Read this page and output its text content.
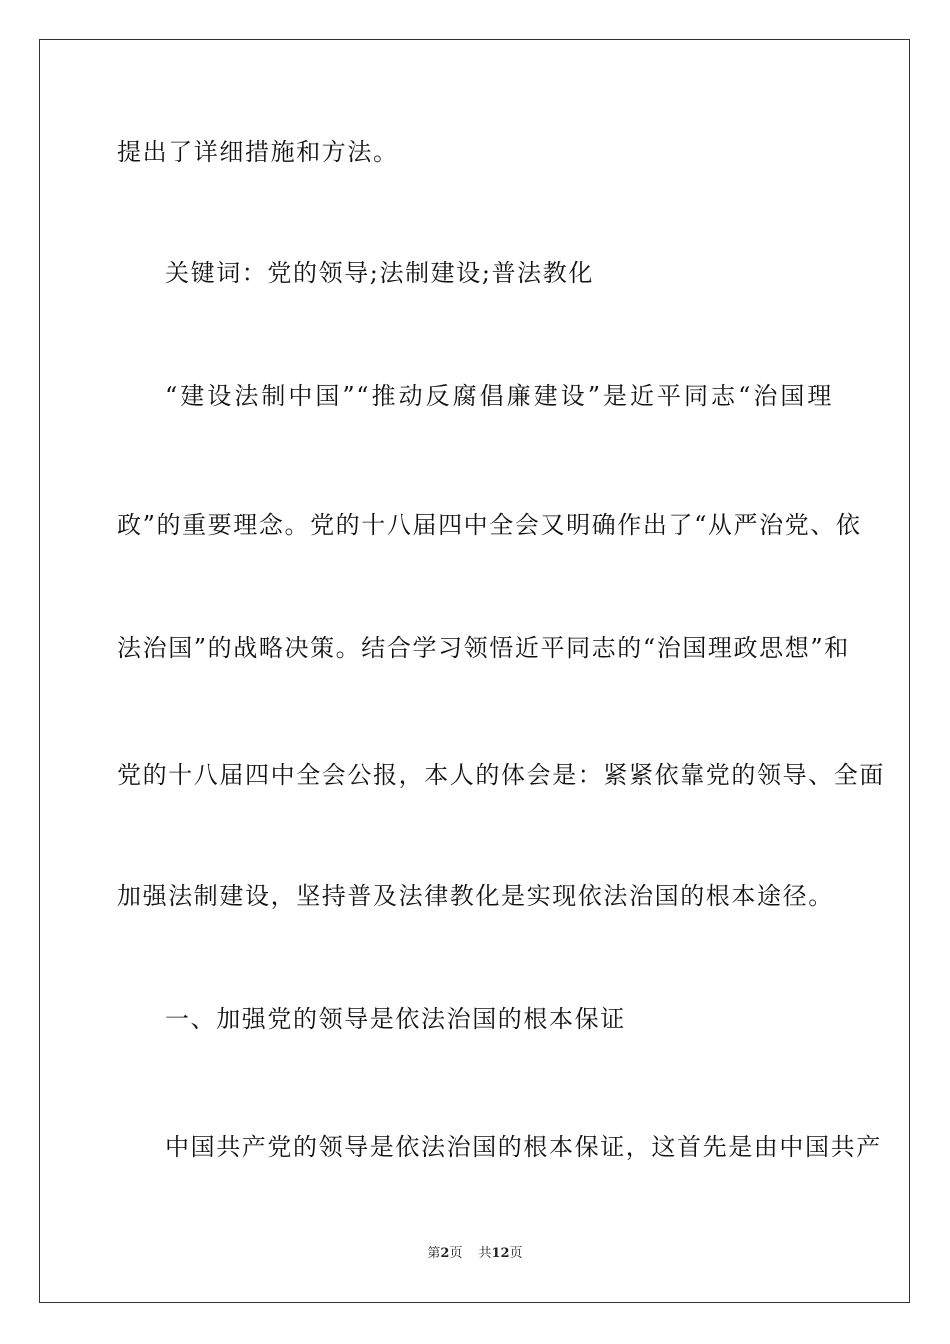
提出了详细措施和方法。
关键词：党的领导;法制建设;普法教化
“建设法制中国”“推动反腐倡廉建设”是近平同志“治国理
政”的重要理念。党的十八届四中全会又明确作出了“从严治党、依
法治国”的战略决策。结合学习领悟近平同志的“治国理政思想”和
党的十八届四中全会公报，本人的体会是：紧紧依靠党的领导、全面
加强法制建设，坚持普及法律教化是实现依法治国的根本途径。
一、加强党的领导是依法治国的根本保证
中国共产党的领导是依法治国的根本保证，这首先是由中国共产
第2页 共12页
